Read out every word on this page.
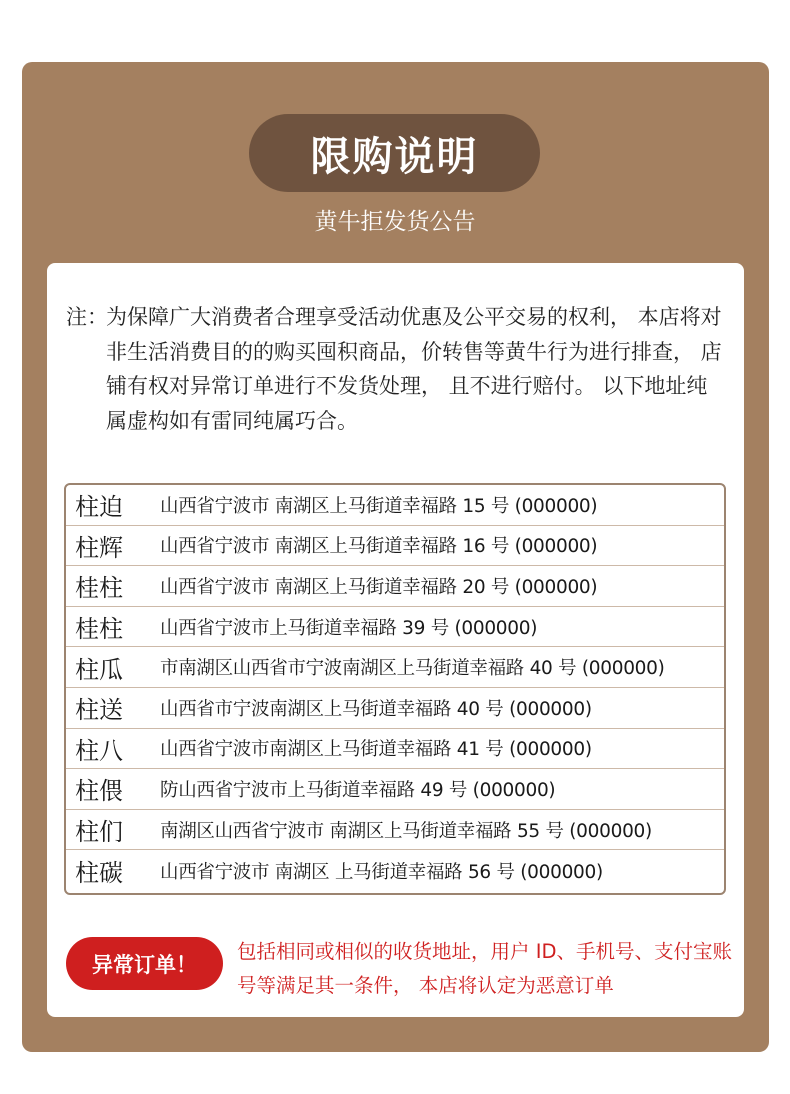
限购说明
黄牛拒发货公告
注：
为保障广大消费者合理享受活动优惠及公平交易的权利， 本店将对非生活消费目的的购买囤积商品，价转售等黄牛行为进行排查， 店铺有权对异常订单进行不发货处理， 且不进行赔付。 以下地址纯属虚构如有雷同纯属巧合。
柱迫	山西省宁波市 南湖区上马街道幸福路 15 号 (000000)
柱辉	山西省宁波市 南湖区上马街道幸福路 16 号 (000000)
桂柱	山西省宁波市 南湖区上马街道幸福路 20 号 (000000)
桂柱	山西省宁波市上马街道幸福路 39 号 (000000)
柱瓜	市南湖区山西省市宁波南湖区上马街道幸福路 40 号 (000000)
柱送	山西省市宁波南湖区上马街道幸福路 40 号 (000000)
柱八	山西省宁波市南湖区上马街道幸福路 41 号 (000000)
柱偎	防山西省宁波市上马街道幸福路 49 号 (000000)
柱们	南湖区山西省宁波市 南湖区上马街道幸福路 55 号 (000000)
柱碳	山西省宁波市 南湖区 上马街道幸福路 56 号 (000000)
异常订单！
包括相同或相似的收货地址，用户 ID、手机号、支付宝账号等满足其一条件， 本店将认定为恶意订单
